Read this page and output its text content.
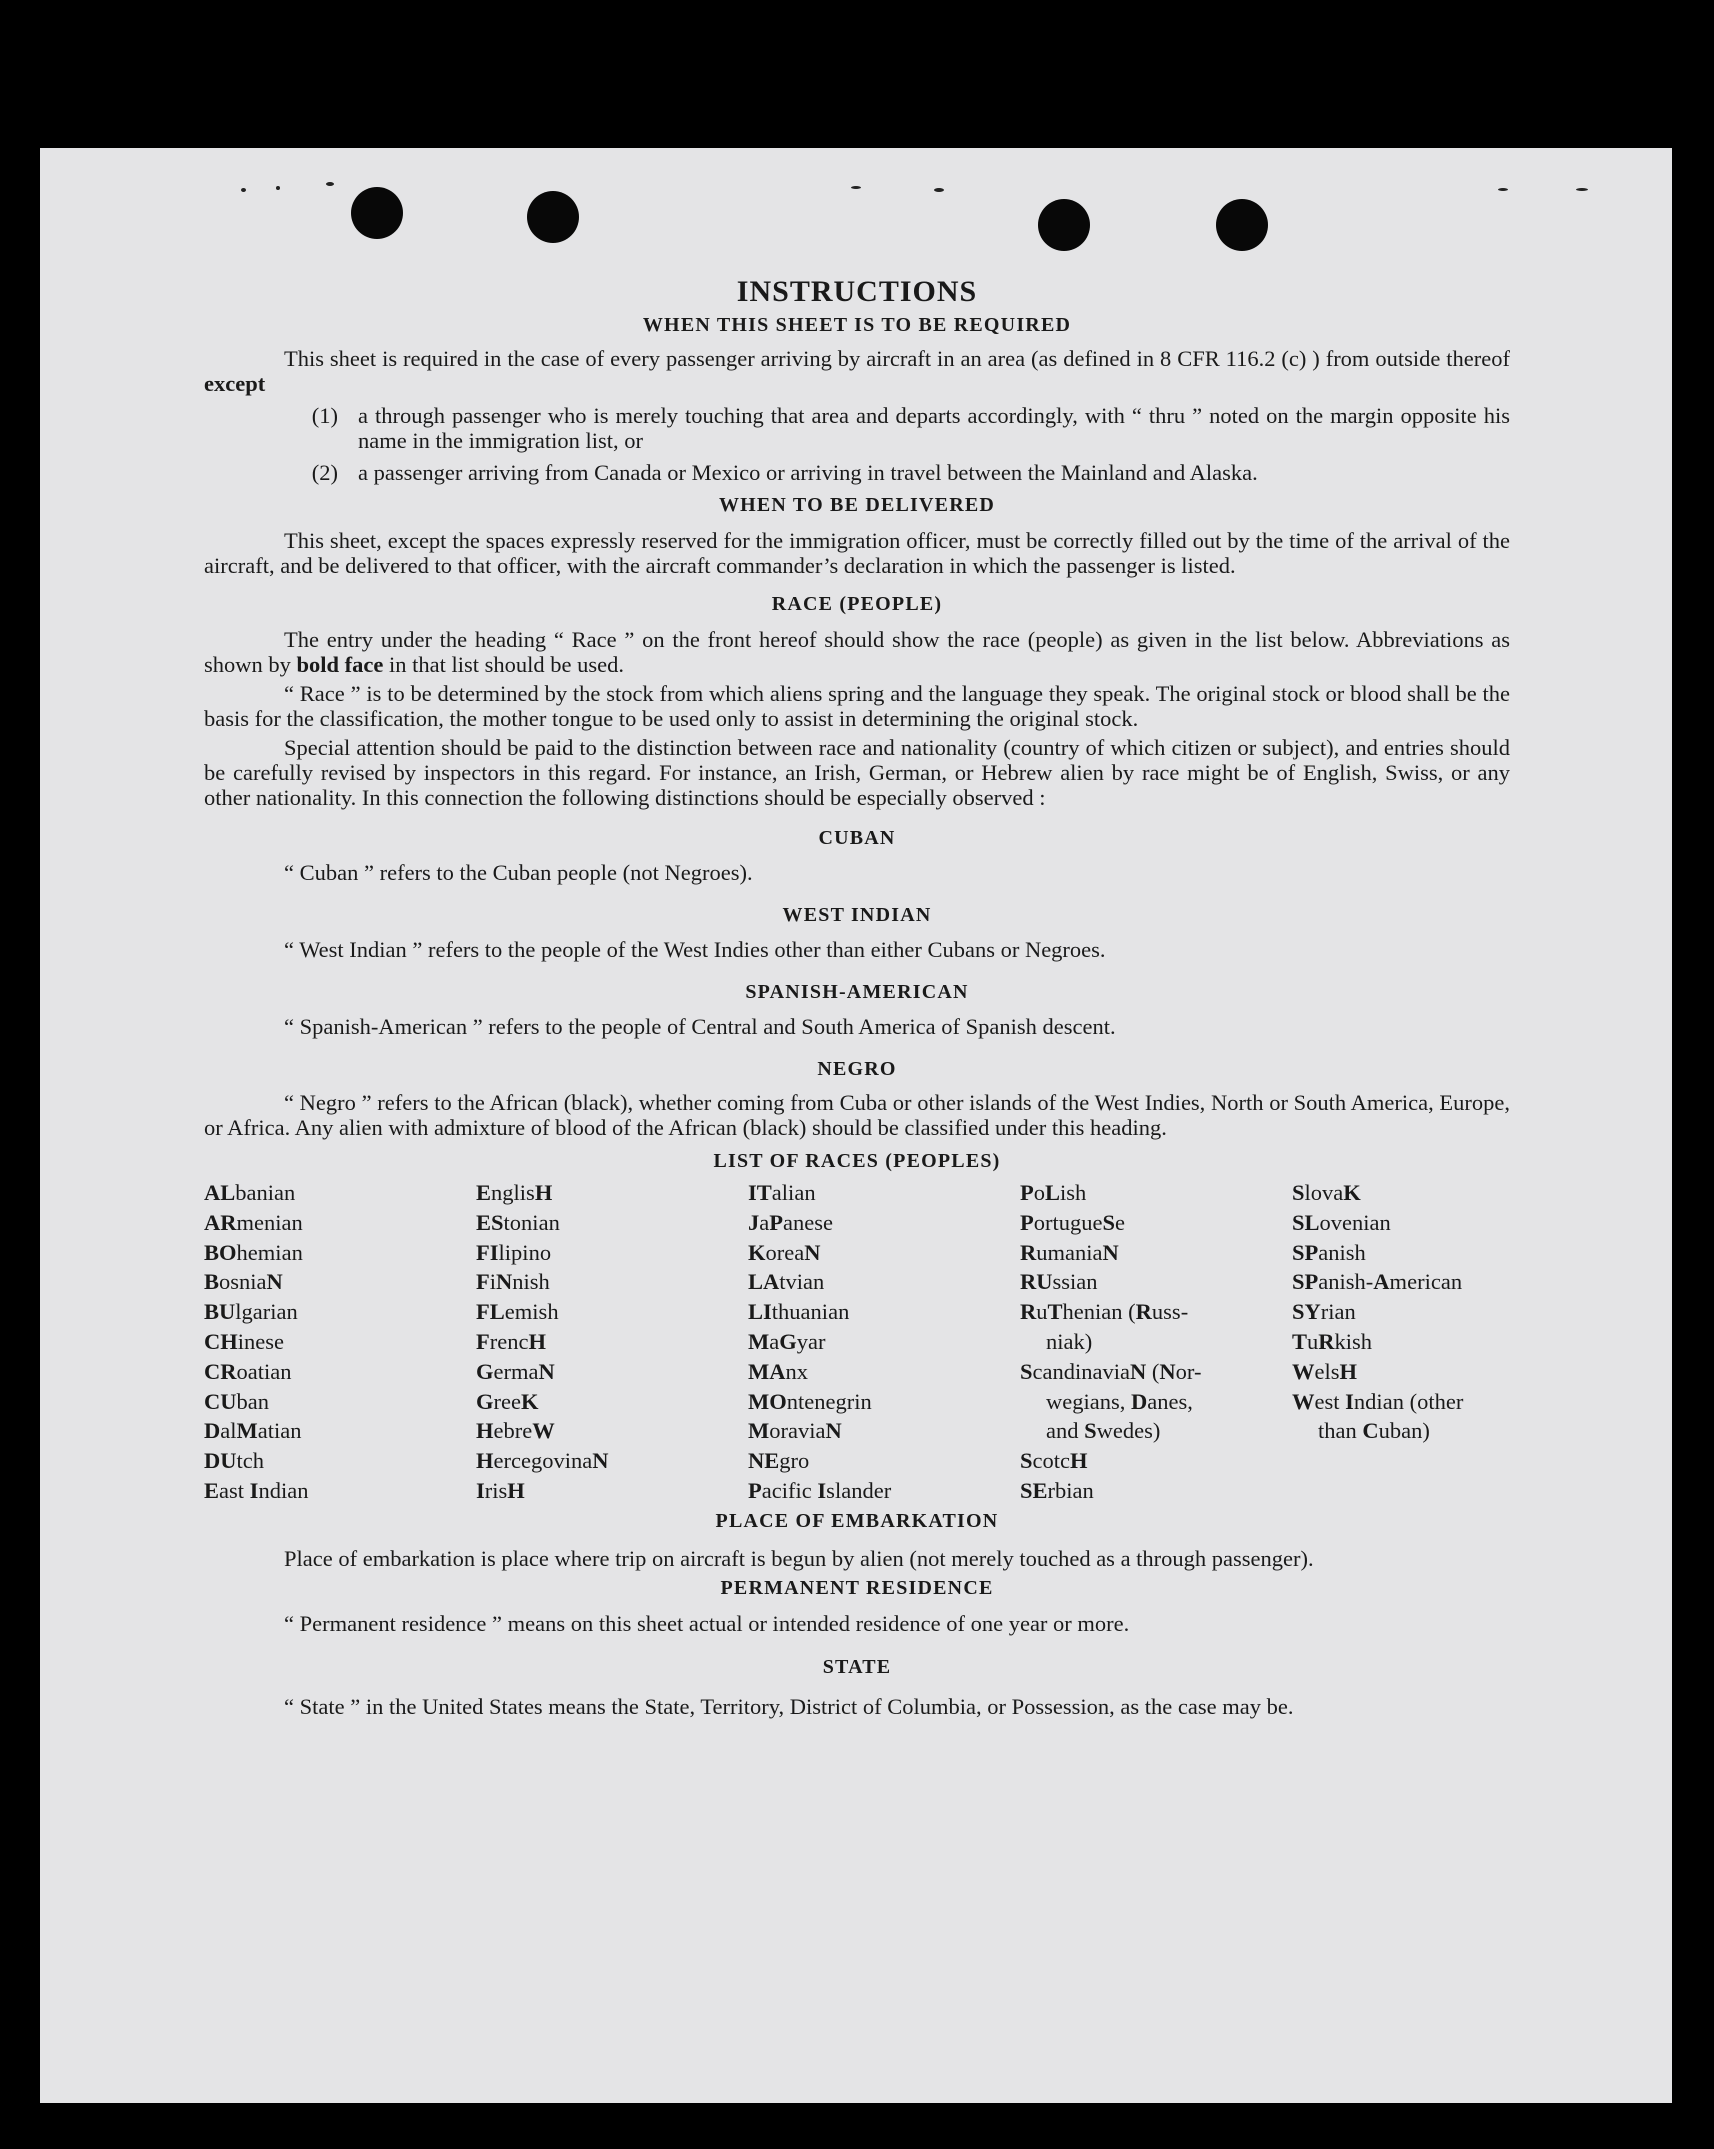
INSTRUCTIONS
WHEN THIS SHEET IS TO BE REQUIRED

This sheet is required in the case of every passenger arriving by aircraft in an area (as defined in 8 CFR 116.2 (c) ) from outside thereof except

(1) a through passenger who is merely touching that area and departs accordingly, with “ thru ” noted on the margin opposite his name in the immigration list, or
(2) a passenger arriving from Canada or Mexico or arriving in travel between the Mainland and Alaska.
WHEN TO BE DELIVERED

This sheet, except the spaces expressly reserved for the immigration officer, must be correctly filled out by the time of the arrival of the aircraft, and be delivered to that officer, with the aircraft commander’s declaration in which the passenger is listed.

RACE (PEOPLE)

The entry under the heading “ Race ” on the front hereof should show the race (people) as given in the list below. Abbreviations as shown by bold face in that list should be used.

“ Race ” is to be determined by the stock from which aliens spring and the language they speak. The original stock or blood shall be the basis for the classification, the mother tongue to be used only to assist in determining the original stock.

Special attention should be paid to the distinction between race and nationality (country of which citizen or subject), and entries should be carefully revised by inspectors in this regard. For instance, an Irish, German, or Hebrew alien by race might be of English, Swiss, or any other nationality. In this connection the following distinctions should be especially observed :

CUBAN

“ Cuban ” refers to the Cuban people (not Negroes).

WEST INDIAN

“ West Indian ” refers to the people of the West Indies other than either Cubans or Negroes.

SPANISH-AMERICAN

“ Spanish-American ” refers to the people of Central and South America of Spanish descent.

NEGRO

“ Negro ” refers to the African (black), whether coming from Cuba or other islands of the West Indies, North or South America, Europe, or Africa. Any alien with admixture of blood of the African (black) should be classified under this heading.

LIST OF RACES (PEOPLES)
ALbanian
ARmenian
BOhemian
BosniaN
BUlgarian
CHinese
CRoatian
CUban
DalMatian
DUtch
East Indian
EnglisH
EStonian
FIlipino
FiNnish
FLemish
FrencH
GermaN
GreeK
HebreW
HercegovinaN
IrisH
ITalian
JaPanese
KoreaN
LAtvian
LIthuanian
MaGyar
MAnx
MOntenegrin
MoraviaN
NEgro
Pacific Islander
PoLish
PortugueSe
RumaniaN
RUssian
RuThenian (Russ-
niak)
ScandinaviaN (Nor-
wegians, Danes,
and Swedes)
ScotcH
SErbian
SlovaK
SLovenian
SPanish
SPanish-American
SYrian
TuRkish
WelsH
West Indian (other
than Cuban)
PLACE OF EMBARKATION

Place of embarkation is place where trip on aircraft is begun by alien (not merely touched as a through passenger).

PERMANENT RESIDENCE

“ Permanent residence ” means on this sheet actual or intended residence of one year or more.

STATE

“ State ” in the United States means the State, Territory, District of Columbia, or Possession, as the case may be.
